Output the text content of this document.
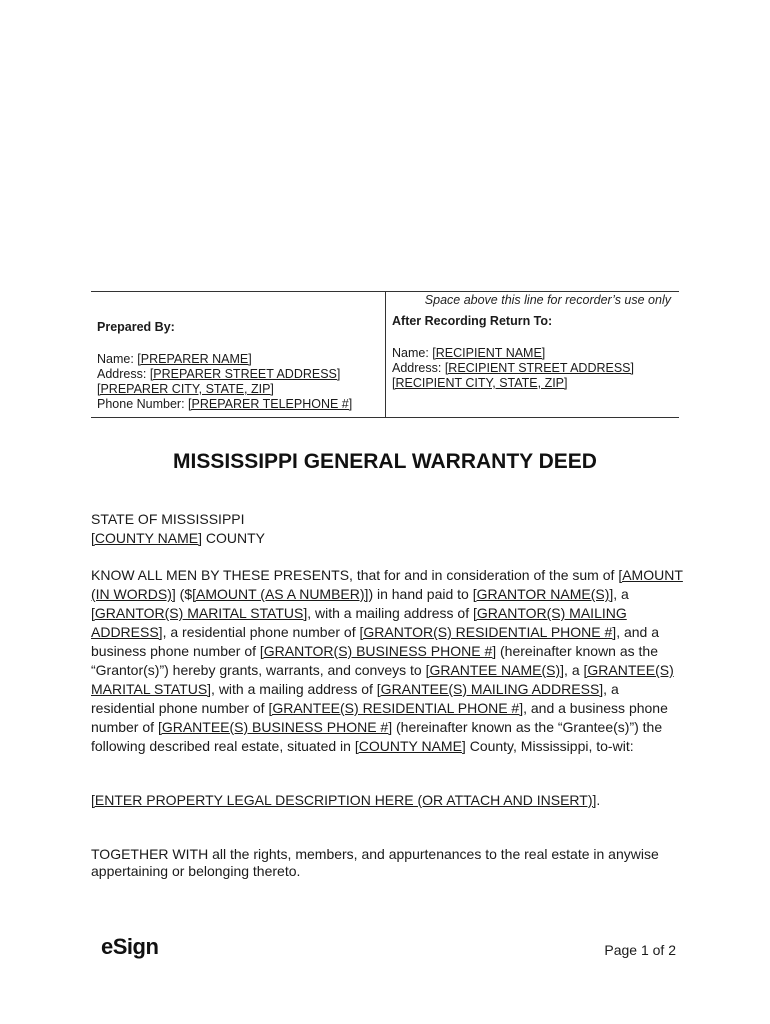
Space above this line for recorder’s use only
Prepared By:
Name: [PREPARER NAME]
Address: [PREPARER STREET ADDRESS]
[PREPARER CITY, STATE, ZIP]
Phone Number: [PREPARER TELEPHONE #]
After Recording Return To:
Name: [RECIPIENT NAME]
Address: [RECIPIENT STREET ADDRESS]
[RECIPIENT CITY, STATE, ZIP]
MISSISSIPPI GENERAL WARRANTY DEED
STATE OF MISSISSIPPI
[COUNTY NAME] COUNTY
KNOW ALL MEN BY THESE PRESENTS, that for and in consideration of the sum of [AMOUNT (IN WORDS)] ($[AMOUNT (AS A NUMBER)]) in hand paid to [GRANTOR NAME(S)], a [GRANTOR(S) MARITAL STATUS], with a mailing address of [GRANTOR(S) MAILING ADDRESS], a residential phone number of [GRANTOR(S) RESIDENTIAL PHONE #], and a business phone number of [GRANTOR(S) BUSINESS PHONE #] (hereinafter known as the “Grantor(s)”) hereby grants, warrants, and conveys to [GRANTEE NAME(S)], a [GRANTEE(S) MARITAL STATUS], with a mailing address of [GRANTEE(S) MAILING ADDRESS], a residential phone number of [GRANTEE(S) RESIDENTIAL PHONE #], and a business phone number of [GRANTEE(S) BUSINESS PHONE #] (hereinafter known as the “Grantee(s)”) the following described real estate, situated in [COUNTY NAME] County, Mississippi, to-wit:
[ENTER PROPERTY LEGAL DESCRIPTION HERE (OR ATTACH AND INSERT)].
TOGETHER WITH all the rights, members, and appurtenances to the real estate in anywise appertaining or belonging thereto.
eSign	Page 1 of 2
